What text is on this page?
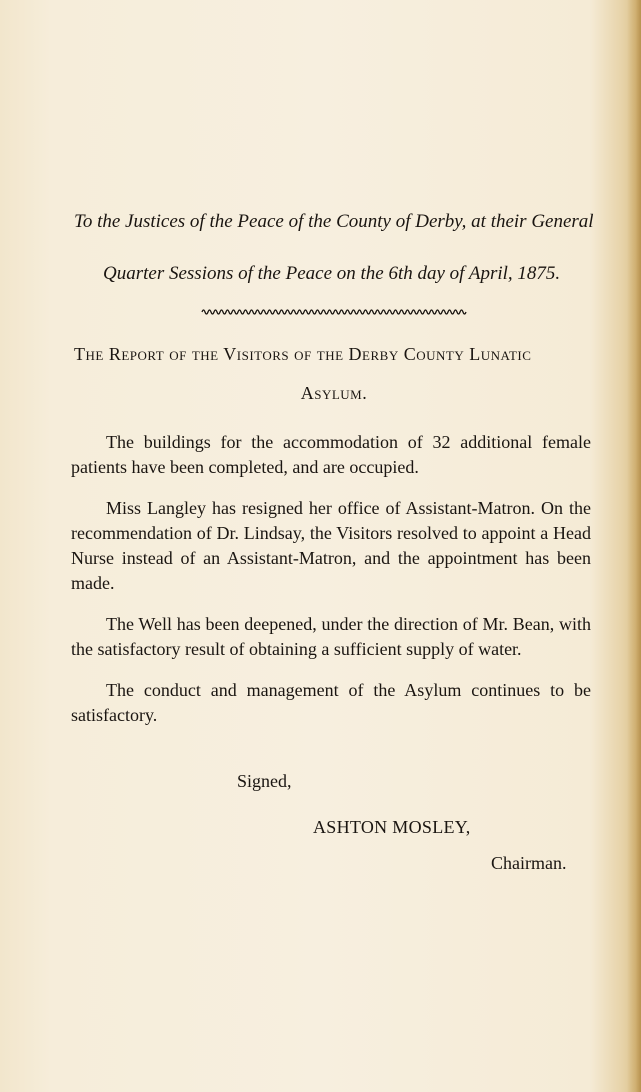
To the Justices of the Peace of the County of Derby, at their General
Quarter Sessions of the Peace on the 6th day of April, 1875.
The Report of the Visitors of the Derby County Lunatic
Asylum.

The buildings for the accommodation of 32 additional female patients have been completed, and are occupied.

Miss Langley has resigned her office of Assistant-Matron. On the recommendation of Dr. Lindsay, the Visitors resolved to appoint a Head Nurse instead of an Assistant-Matron, and the appointment has been made.

The Well has been deepened, under the direction of Mr. Bean, with the satisfactory result of obtaining a sufficient supply of water.

The conduct and management of the Asylum continues to be satisfactory.

Signed,
ASHTON MOSLEY,
Chairman.
